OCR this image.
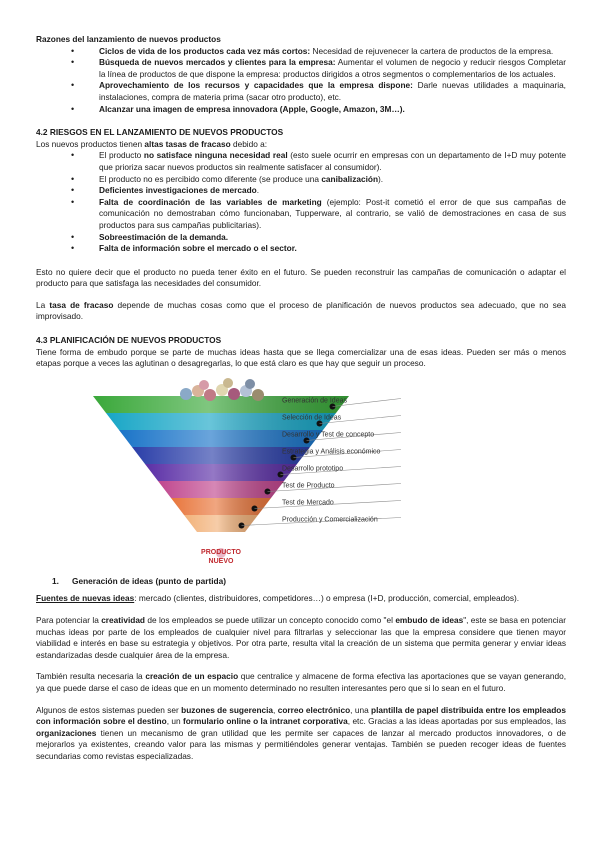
Razones del lanzamiento de nuevos productos

• Ciclos de vida de los productos cada vez más cortos: Necesidad de rejuvenecer la cartera de productos de la empresa.
• Búsqueda de nuevos mercados y clientes para la empresa: Aumentar el volumen de negocio y reducir riesgos Completar la línea de productos de que dispone la empresa: productos dirigidos a otros segmentos o complementarios de los actuales.
• Aprovechamiento de los recursos y capacidades que la empresa dispone: Darle nuevas utilidades a maquinaria, instalaciones, compra de materia prima (sacar otro producto), etc.
• Alcanzar una imagen de empresa innovadora (Apple, Google, Amazon, 3M…).

4.2 RIESGOS EN EL LANZAMIENTO DE NUEVOS PRODUCTOS

Los nuevos productos tienen altas tasas de fracaso debido a:

• El producto no satisface ninguna necesidad real (esto suele ocurrir en empresas con un departamento de I+D muy potente que prioriza sacar nuevos productos sin realmente satisfacer al consumidor).
• El producto no es percibido como diferente (se produce una canibalización).
• Deficientes investigaciones de mercado.
• Falta de coordinación de las variables de marketing (ejemplo: Post-it cometió el error de que sus campañas de comunicación no demostraban cómo funcionaban, Tupperware, al contrario, se valió de demostraciones en casa de sus productos para sus campañas publicitarias).
• Sobreestimación de la demanda.
• Falta de información sobre el mercado o el sector.

Esto no quiere decir que el producto no pueda tener éxito en el futuro. Se pueden reconstruir las campañas de comunicación o adaptar el producto para que satisfaga las necesidades del consumidor.

La tasa de fracaso depende de muchas cosas como que el proceso de planificación de nuevos productos sea adecuado, que no sea improvisado.

4.3 PLANIFICACIÓN DE NUEVOS PRODUCTOS

Tiene forma de embudo porque se parte de muchas ideas hasta que se llega comercializar una de esas ideas. Pueden ser más o menos etapas porque a veces las aglutinan o desagregarlas, lo que está claro es que hay que seguir un proceso.

Generación de Ideas
Selección de Ideas
Desarrollo y Test de concepto
Estrategia y Análisis económico
Desarrollo prototipo
Test de Producto
Test de Mercado
Producción y Comercialización
PRODUCTO
NUEVO

1. Generación de ideas (punto de partida)

Fuentes de nuevas ideas: mercado (clientes, distribuidores, competidores…) o empresa (I+D, producción, comercial, empleados).

Para potenciar la creatividad de los empleados se puede utilizar un concepto conocido como "el embudo de ideas", este se basa en potenciar muchas ideas por parte de los empleados de cualquier nivel para filtrarlas y seleccionar las que la empresa considere que tienen mayor viabilidad e interés en base su estrategia y objetivos. Por otra parte, resulta vital la creación de un sistema que permita generar y enviar ideas estandarizadas desde cualquier área de la empresa.

También resulta necesaria la creación de un espacio que centralice y almacene de forma efectiva las aportaciones que se vayan generando, ya que puede darse el caso de ideas que en un momento determinado no resulten interesantes pero que si lo sean en el futuro.

Algunos de estos sistemas pueden ser buzones de sugerencia, correo electrónico, una plantilla de papel distribuida entre los empleados con información sobre el destino, un formulario online o la intranet corporativa, etc. Gracias a las ideas aportadas por sus empleados, las organizaciones tienen un mecanismo de gran utilidad que les permite ser capaces de lanzar al mercado productos innovadores, o de mejorarlos ya existentes, creando valor para las mismas y permitiéndoles generar ventajas. También se pueden recoger ideas de fuentes secundarias como revistas especializadas.
